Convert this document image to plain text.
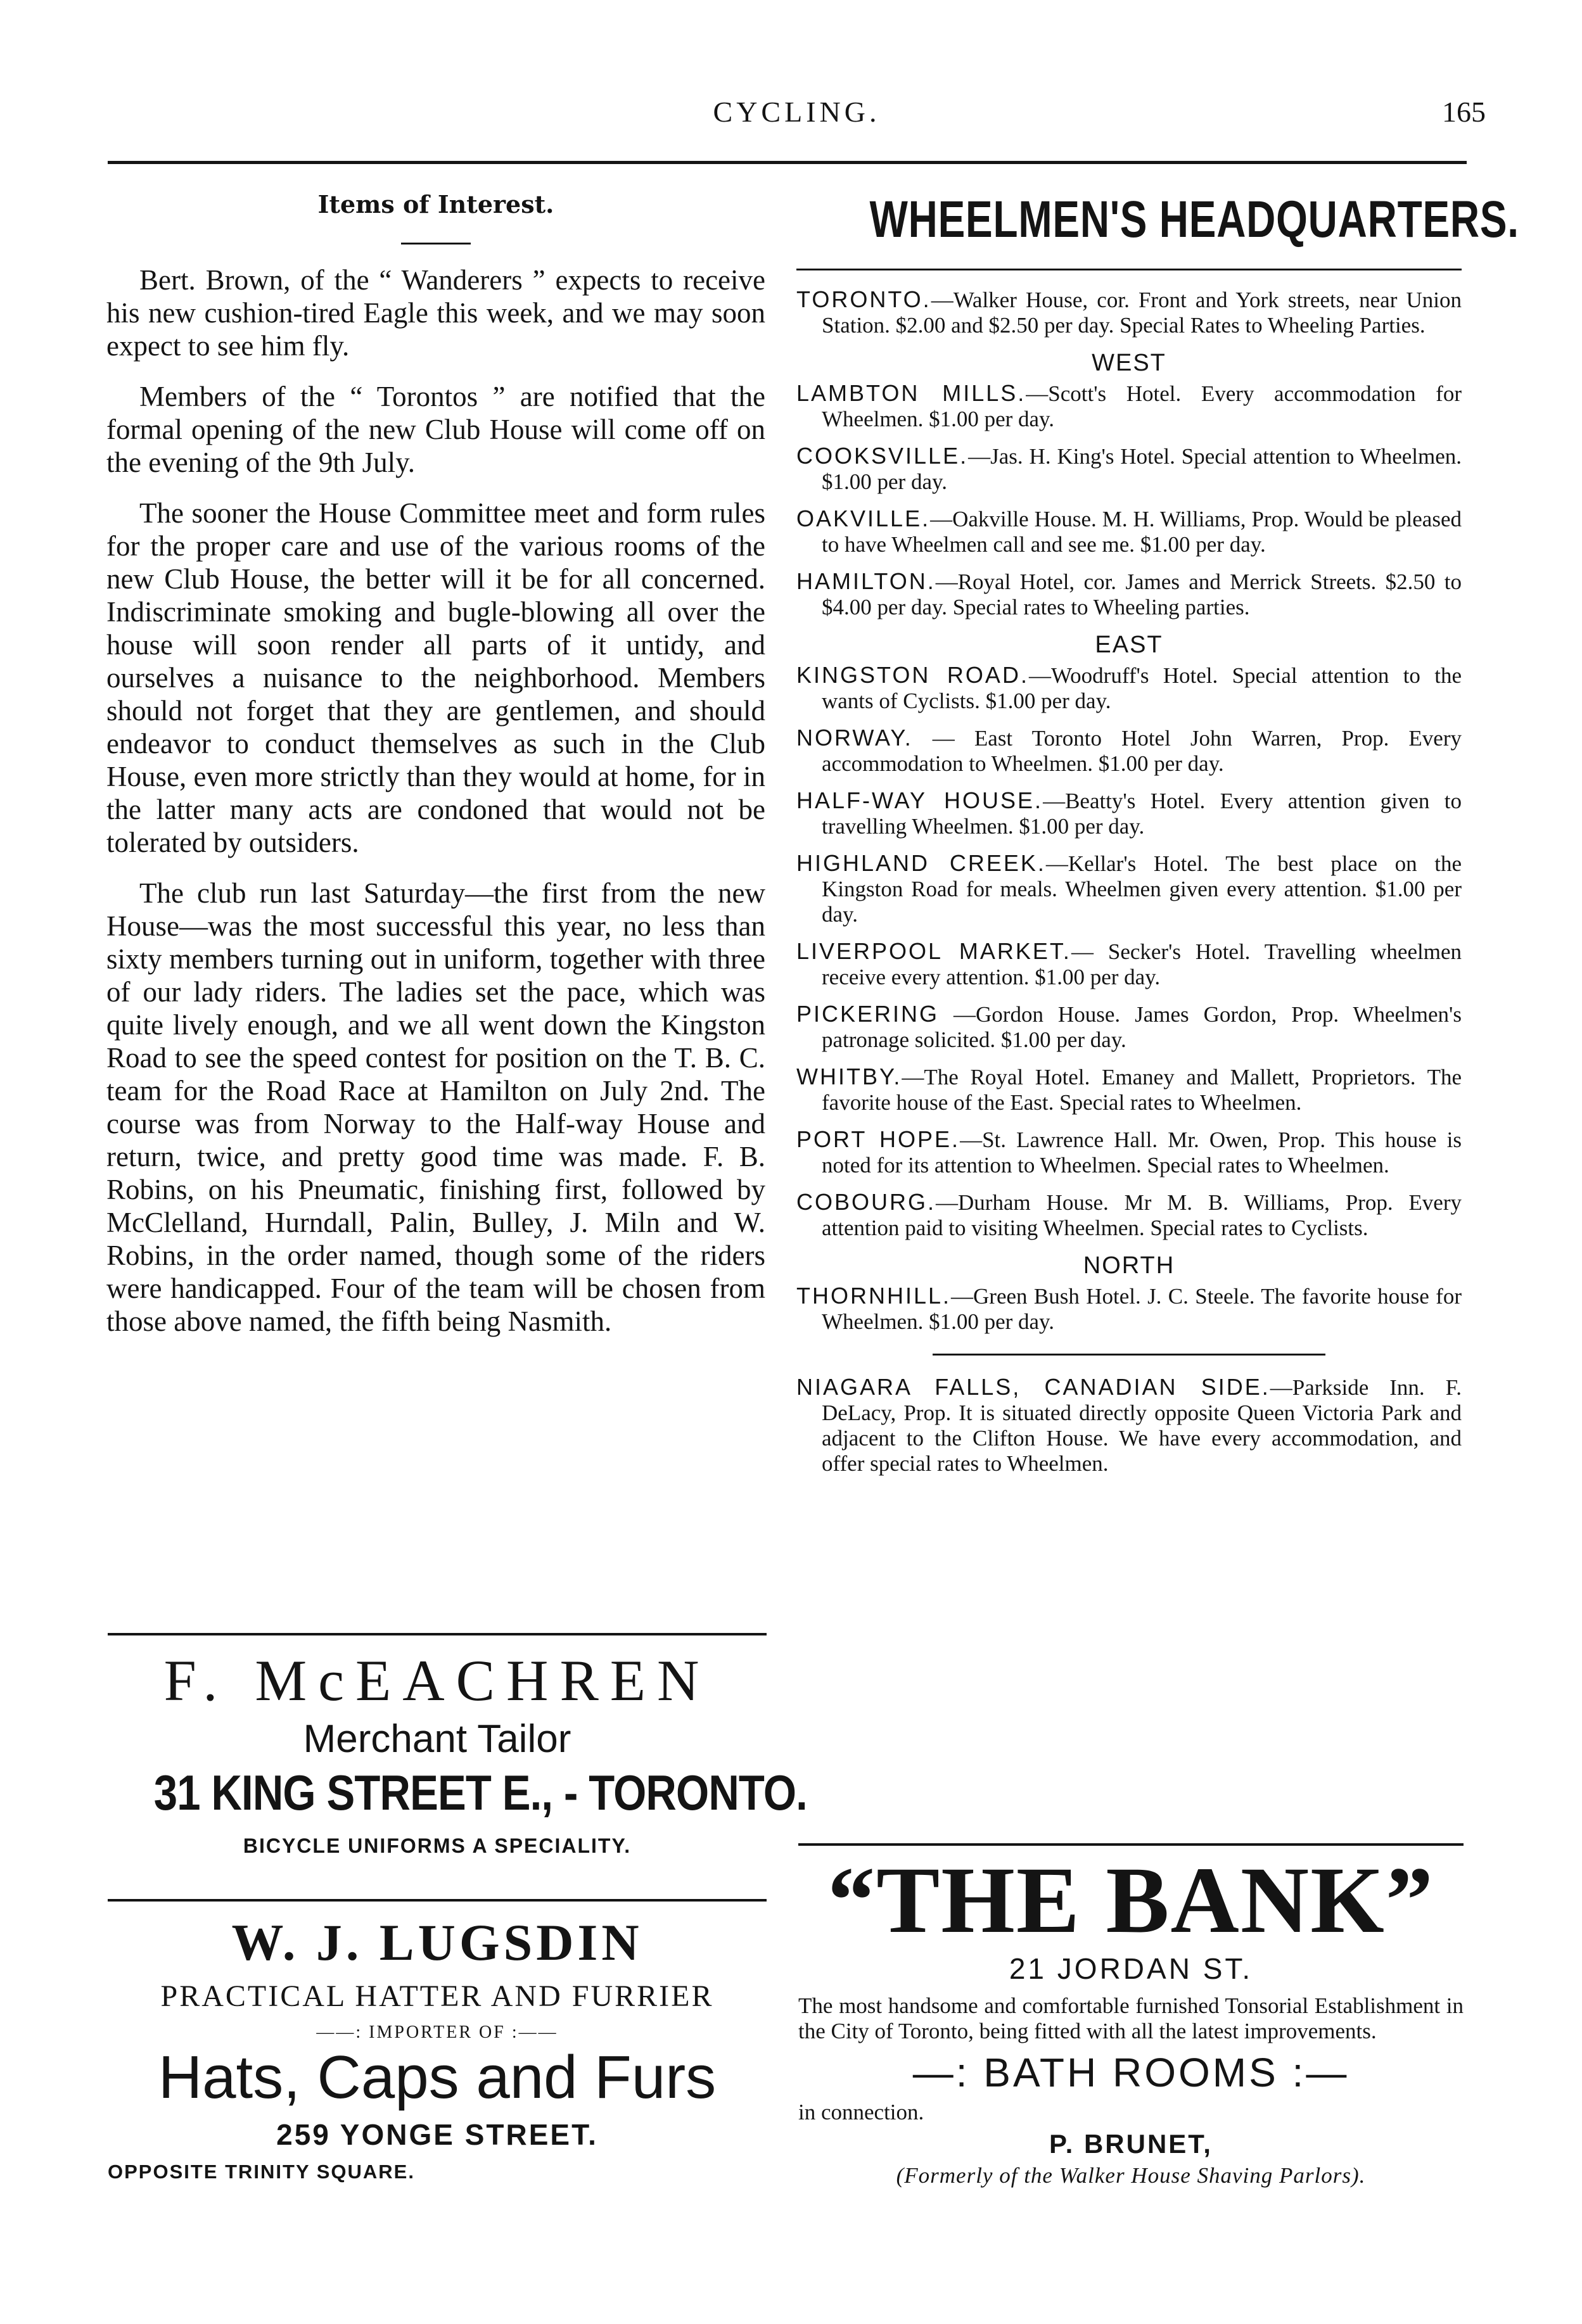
CYCLING.	165
Items of Interest.

Bert. Brown, of the “ Wanderers ” expects to receive his new cushion-tired Eagle this week, and we may soon expect to see him fly.

Members of the “ Torontos ” are notified that the formal opening of the new Club House will come off on the evening of the 9th July.

The sooner the House Committee meet and form rules for the proper care and use of the various rooms of the new Club House, the better will it be for all concerned. Indiscriminate smoking and bugle-blowing all over the house will soon render all parts of it untidy, and ourselves a nuisance to the neighborhood. Members should not forget that they are gentlemen, and should endeavor to conduct themselves as such in the Club House, even more strictly than they would at home, for in the latter many acts are condoned that would not be tolerated by outsiders.

The club run last Saturday—the first from the new House—was the most successful this year, no less than sixty members turning out in uniform, together with three of our lady riders. The ladies set the pace, which was quite lively enough, and we all went down the Kingston Road to see the speed contest for position on the T. B. C. team for the Road Race at Hamilton on July 2nd. The course was from Norway to the Half-way House and return, twice, and pretty good time was made. F. B. Robins, on his Pneumatic, finishing first, followed by McClelland, Hurndall, Palin, Bulley, J. Miln and W. Robins, in the order named, though some of the riders were handicapped. Four of the team will be chosen from those above named, the fifth being Nasmith.

F. McEACHREN
Merchant Tailor
31 KING STREET E., - TORONTO.
BICYCLE UNIFORMS A SPECIALITY.
W. J. LUGSDIN
PRACTICAL HATTER AND FURRIER
——: IMPORTER OF :——
Hats, Caps and Furs
259 YONGE STREET.
OPPOSITE TRINITY SQUARE.
WHEELMEN'S HEADQUARTERS.

TORONTO.—Walker House, cor. Front and York streets, near Union Station. $2.00 and $2.50 per day. Special Rates to Wheeling Parties.

WEST

LAMBTON MILLS.—Scott's Hotel. Every accommodation for Wheelmen. $1.00 per day.

COOKSVILLE.—Jas. H. King's Hotel. Special attention to Wheelmen. $1.00 per day.

OAKVILLE.—Oakville House. M. H. Williams, Prop. Would be pleased to have Wheelmen call and see me. $1.00 per day.

HAMILTON.—Royal Hotel, cor. James and Merrick Streets. $2.50 to $4.00 per day. Special rates to Wheeling parties.

EAST

KINGSTON ROAD.—Woodruff's Hotel. Special attention to the wants of Cyclists. $1.00 per day.

NORWAY. — East Toronto Hotel John Warren, Prop. Every accommodation to Wheelmen. $1.00 per day.

HALF-WAY HOUSE.—Beatty's Hotel. Every attention given to travelling Wheelmen. $1.00 per day.

HIGHLAND CREEK.—Kellar's Hotel. The best place on the Kingston Road for meals. Wheelmen given every attention. $1.00 per day.

LIVERPOOL MARKET.— Secker's Hotel. Travelling wheelmen receive every attention. $1.00 per day.

PICKERING —Gordon House. James Gordon, Prop. Wheelmen's patronage solicited. $1.00 per day.

WHITBY.—The Royal Hotel. Emaney and Mallett, Proprietors. The favorite house of the East. Special rates to Wheelmen.

PORT HOPE.—St. Lawrence Hall. Mr. Owen, Prop. This house is noted for its attention to Wheelmen. Special rates to Wheelmen.

COBOURG.—Durham House. Mr M. B. Williams, Prop. Every attention paid to visiting Wheelmen. Special rates to Cyclists.

NORTH

THORNHILL.—Green Bush Hotel. J. C. Steele. The favorite house for Wheelmen. $1.00 per day.

NIAGARA FALLS, CANADIAN SIDE.—Parkside Inn. F. DeLacy, Prop. It is situated directly opposite Queen Victoria Park and adjacent to the Clifton House. We have every accommodation, and offer special rates to Wheelmen.

“THE BANK”
21 JORDAN ST.
The most handsome and comfortable furnished Tonsorial Establishment in the City of Toronto, being fitted with all the latest improvements.
—: BATH ROOMS :—
in connection.
P. BRUNET,
(Formerly of the Walker House Shaving Parlors).
